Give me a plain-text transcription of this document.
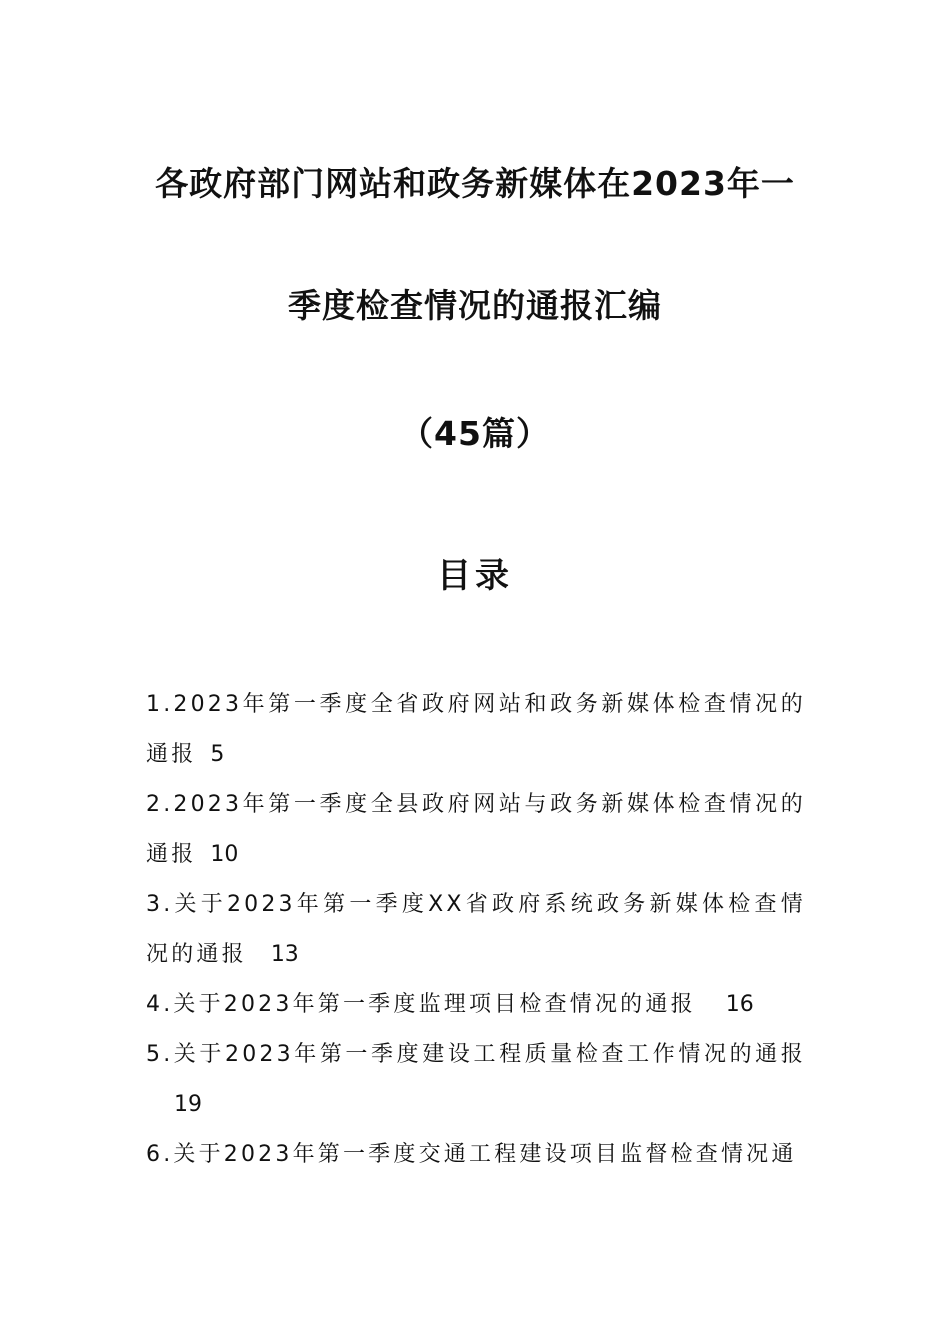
各政府部门网站和政务新媒体在2023年一
季度检查情况的通报汇编
（45篇）
目录
1.2023年第一季度全省政府网站和政务新媒体检查情况的通报 5
2.2023年第一季度全县政府网站与政务新媒体检查情况的通报 10
3.关于2023年第一季度XX省政府系统政务新媒体检查情况的通报 13
4.关于2023年第一季度监理项目检查情况的通报 16
5.关于2023年第一季度建设工程质量检查工作情况的通报19
6.关于2023年第一季度交通工程建设项目监督检查情况通
